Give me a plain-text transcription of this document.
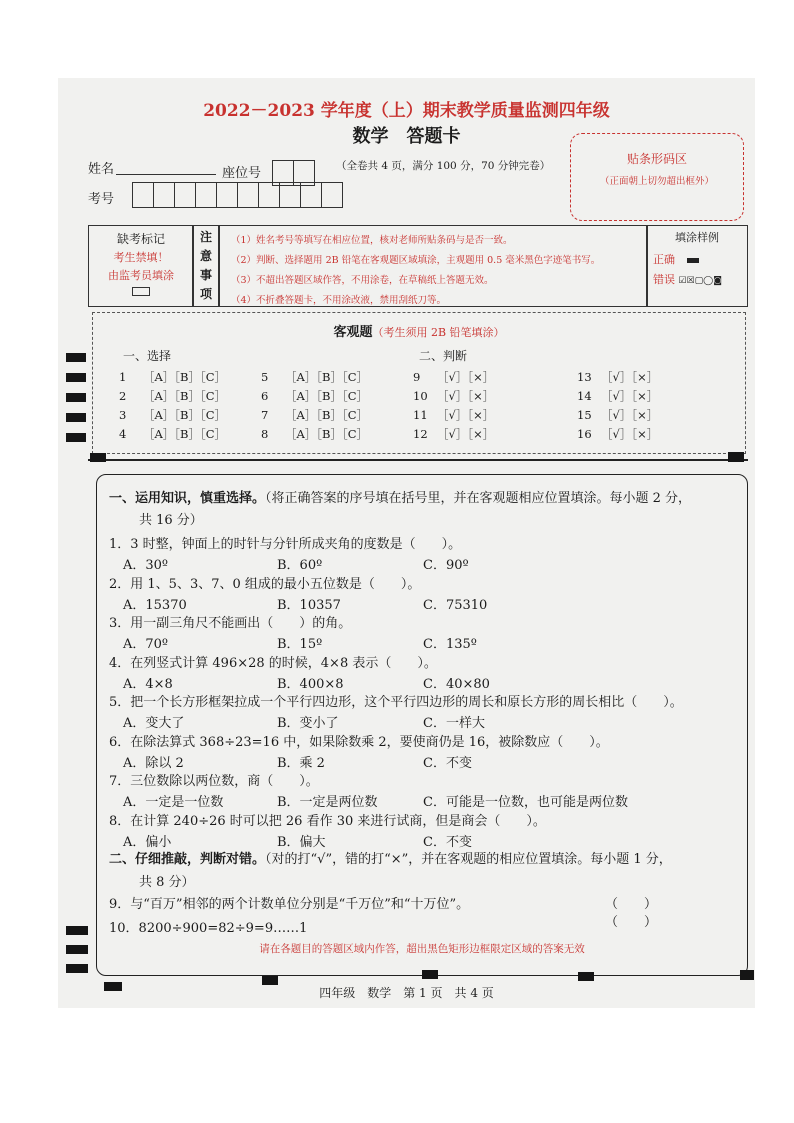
2022－2023 学年度（上）期末教学质量监测四年级
数学　答题卡
姓名	座位号	（全卷共 4 页，满分 100 分，70 分钟完卷）
考号
贴条形码区
（正面朝上切勿超出框外）
缺考标记
考生禁填！
由监考员填涂
注
意
事
项
（1）姓名考号等填写在相应位置，核对老师所贴条码与是否一致。
（2）判断、选择题用 2B 铅笔在客观题区域填涂，主观题用 0.5 毫米黑色字迹笔书写。
（3）不超出答题区域作答，不用涂卷，在草稿纸上答题无效。
（4）不折叠答题卡，不用涂改液，禁用刮纸刀等。
填涂样例
正确
错误 ☑☒▢◯◙
客观题（考生须用 2B 铅笔填涂）
一、选择	二、判断
1 ［A］［B］［C］
2 ［A］［B］［C］
3 ［A］［B］［C］
4 ［A］［B］［C］
5 ［A］［B］［C］
6 ［A］［B］［C］
7 ［A］［B］［C］
8 ［A］［B］［C］
9 ［√］［×］
10 ［√］［×］
11 ［√］［×］
12 ［√］［×］
13 ［√］［×］
14 ［√］［×］
15 ［√］［×］
16 ［√］［×］
一、运用知识，慎重选择。（将正确答案的序号填在括号里，并在客观题相应位置填涂。每小题 2 分，
共 16 分）
1．3 时整，钟面上的时针与分针所成夹角的度数是（　　）。
A．30º	B．60º	C．90º
2．用 1、5、3、7、0 组成的最小五位数是（　　）。
A．15370	B．10357	C．75310
3．用一副三角尺不能画出（　　）的角。
A．70º	B．15º	C．135º
4．在列竖式计算 496×28 的时候，4×8 表示（　　）。
A．4×8	B．400×8	C．40×80
5．把一个长方形框架拉成一个平行四边形，这个平行四边形的周长和原长方形的周长相比（　　）。
A．变大了	B．变小了	C．一样大
6．在除法算式 368÷23=16 中，如果除数乘 2，要使商仍是 16，被除数应（　　）。
A．除以 2	B．乘 2	C．不变
7．三位数除以两位数，商（　　）。
A．一定是一位数	B．一定是两位数	C．可能是一位数，也可能是两位数
8．在计算 240÷26 时可以把 26 看作 30 来进行试商，但是商会（　　）。
A．偏小	B．偏大	C．不变
二、仔细推敲，判断对错。（对的打“√”，错的打“×”，并在客观题的相应位置填涂。每小题 1 分，
共 8 分）
9．与“百万”相邻的两个计数单位分别是“千万位”和“十万位”。	（　　）
10．8200÷900=82÷9=9……1	（　　）
请在各题目的答题区域内作答，超出黑色矩形边框限定区域的答案无效
四年级　数学　第 1 页　共 4 页
